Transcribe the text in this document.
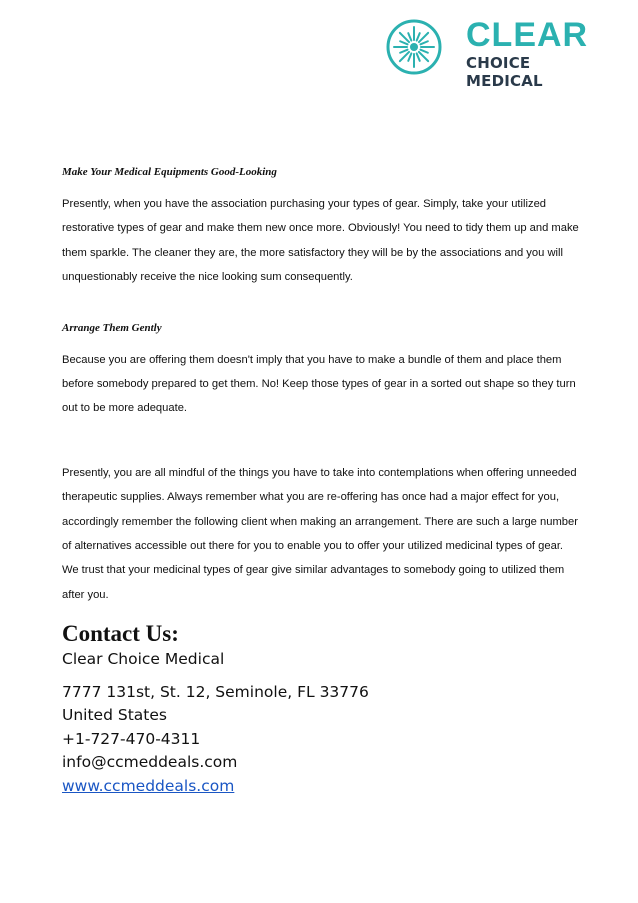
CLEAR
CHOICE MEDICAL
Make Your Medical Equipments Good-Looking

Presently, when you have the association purchasing your types of gear. Simply, take your utilized restorative types of gear and make them new once more. Obviously! You need to tidy them up and make them sparkle. The cleaner they are, the more satisfactory they will be by the associations and you will unquestionably receive the nice looking sum consequently.

Arrange Them Gently

Because you are offering them doesn't imply that you have to make a bundle of them and place them before somebody prepared to get them. No! Keep those types of gear in a sorted out shape so they turn out to be more adequate.

Presently, you are all mindful of the things you have to take into contemplations when offering unneeded therapeutic supplies. Always remember what you are re-offering has once had a major effect for you, accordingly remember the following client when making an arrangement. There are such a large number of alternatives accessible out there for you to enable you to offer your utilized medicinal types of gear. We trust that your medicinal types of gear give similar advantages to somebody going to utilized them after you.

Contact Us:
Clear Choice Medical
7777 131st, St. 12, Seminole, FL 33776
United States
+1-727-470-4311
info@ccmeddeals.com
www.ccmeddeals.com
